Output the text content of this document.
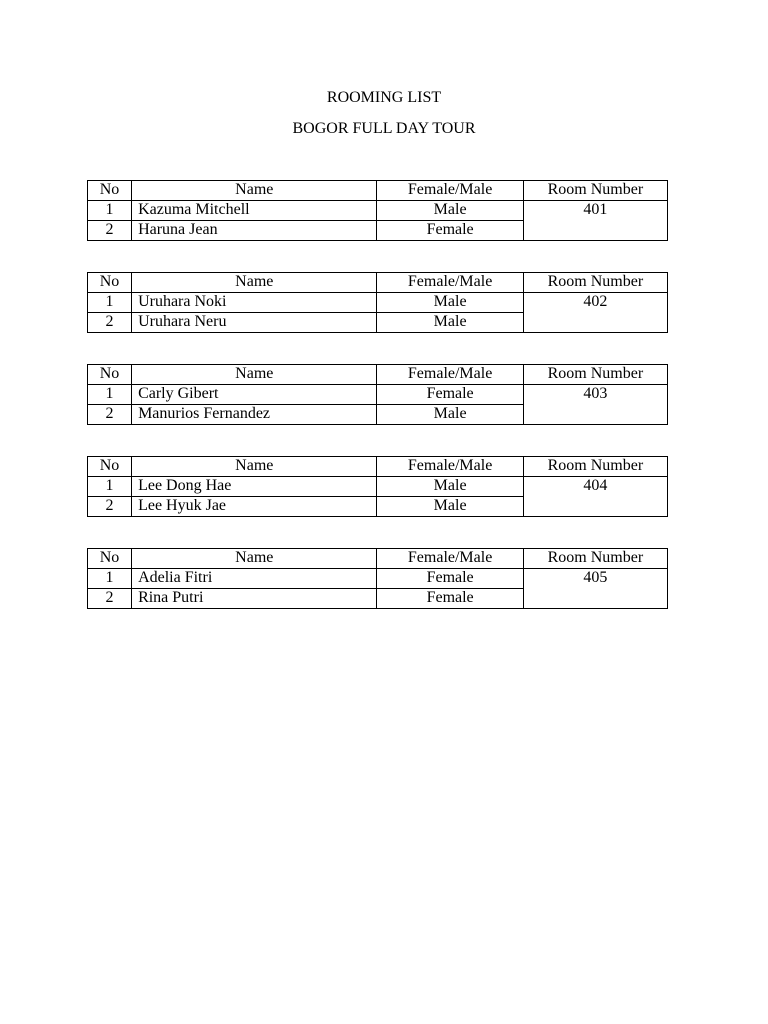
ROOMING LIST
BOGOR FULL DAY TOUR
No	Name	Female/Male	Room Number
1	Kazuma Mitchell	Male	401
2	Haruna Jean	Female	
No	Name	Female/Male	Room Number
1	Uruhara Noki	Male	402
2	Uruhara Neru	Male	
No	Name	Female/Male	Room Number
1	Carly Gibert	Female	403
2	Manurios Fernandez	Male	
No	Name	Female/Male	Room Number
1	Lee Dong Hae	Male	404
2	Lee Hyuk Jae	Male	
No	Name	Female/Male	Room Number
1	Adelia Fitri	Female	405
2	Rina Putri	Female	
